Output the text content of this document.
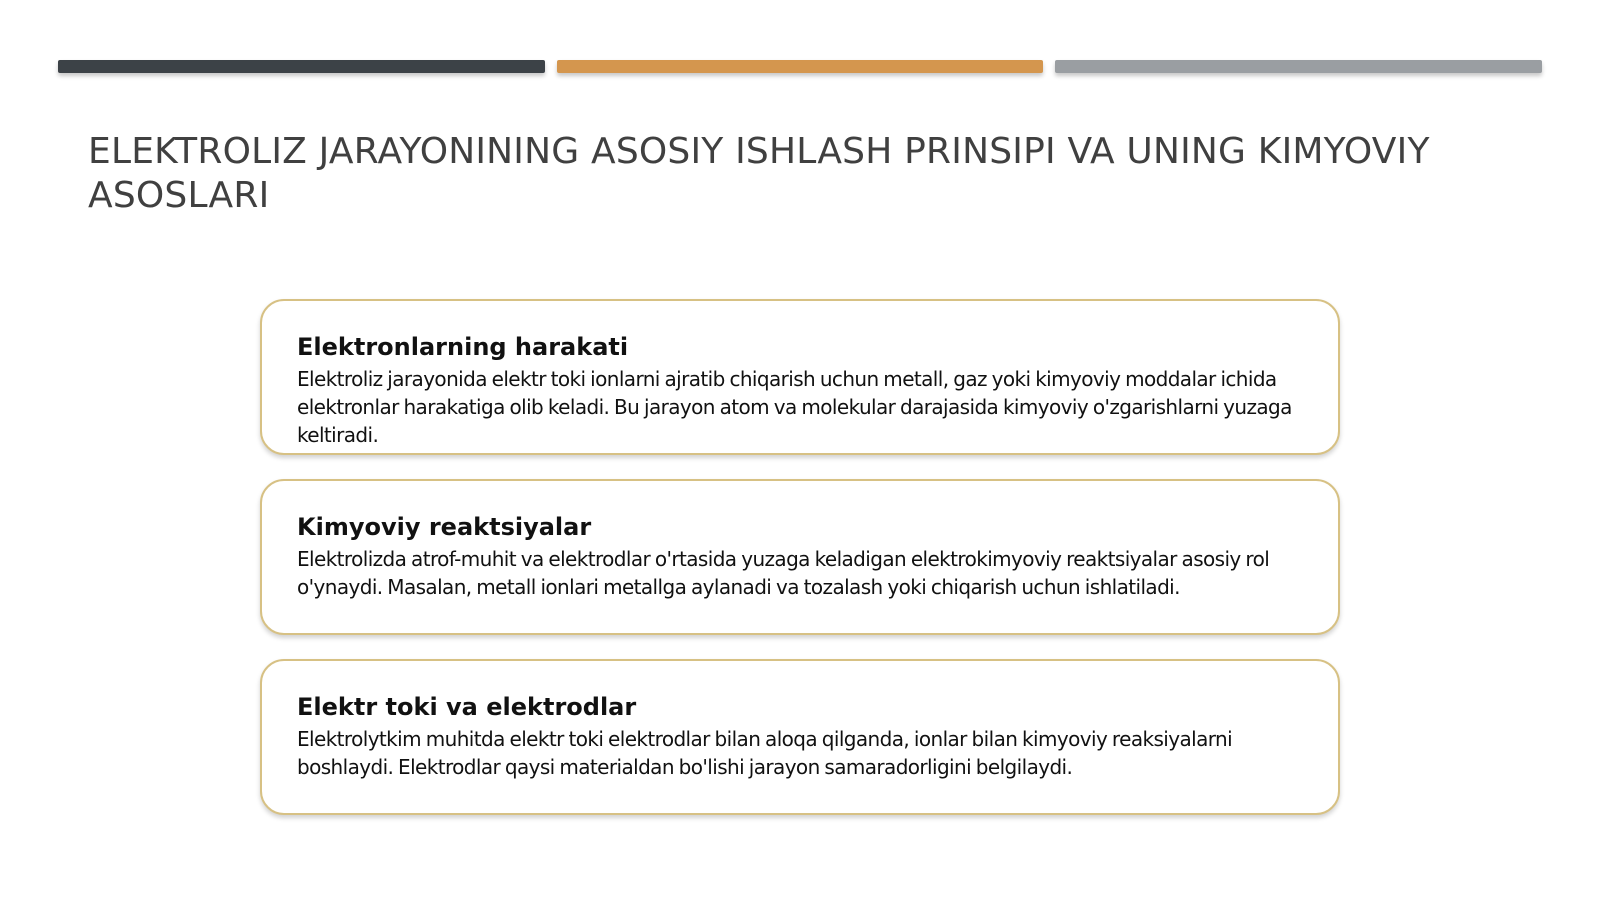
ELEKTROLIZ JARAYONINING ASOSIY ISHLASH PRINSIPI VA UNING KIMYOVIY ASOSLARI
Elektronlarning harakati

Elektroliz jarayonida elektr toki ionlarni ajratib chiqarish uchun metall, gaz yoki kimyoviy moddalar ichida elektronlar harakatiga olib keladi. Bu jarayon atom va molekular darajasida kimyoviy o'zgarishlarni yuzaga keltiradi.

Kimyoviy reaktsiyalar

Elektrolizda atrof-muhit va elektrodlar o'rtasida yuzaga keladigan elektrokimyoviy reaktsiyalar asosiy rol o'ynaydi. Masalan, metall ionlari metallga aylanadi va tozalash yoki chiqarish uchun ishlatiladi.

Elektr toki va elektrodlar

Elektrolytkim muhitda elektr toki elektrodlar bilan aloqa qilganda, ionlar bilan kimyoviy reaksiyalarni boshlaydi. Elektrodlar qaysi materialdan bo'lishi jarayon samaradorligini belgilaydi.
